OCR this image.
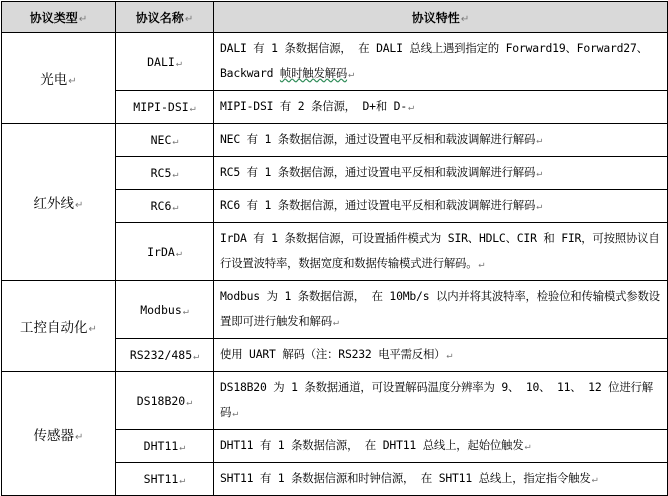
协议类型↵	协议名称↵	协议特性↵
光电↵	DALI↵	DALI 有 1 条数据信源， 在 DALI 总线上遇到指定的 Forward19、Forward27、Backward 帧时触发解码↵
	MIPI-DSI↵	MIPI-DSI 有 2 条信源， D+和 D-↵
红外线↵	NEC↵	NEC 有 1 条数据信源，通过设置电平反相和载波调解进行解码↵
	RC5↵	RC5 有 1 条数据信源，通过设置电平反相和载波调解进行解码↵
	RC6↵	RC6 有 1 条数据信源，通过设置电平反相和载波调解进行解码↵
	IrDA↵	IrDA 有 1 条数据信源，可设置插件模式为 SIR、HDLC、CIR 和 FIR，可按照协议自行设置波特率，数据宽度和数据传输模式进行解码。↵
工控自动化↵	Modbus↵	Modbus 为 1 条数据信源， 在 10Mb/s 以内并将其波特率，检验位和传输模式参数设置即可进行触发和解码↵
	RS232/485↵	使用 UART 解码（注：RS232 电平需反相）↵
传感器↵	DS18B20↵	DS18B20 为 1 条数据通道，可设置解码温度分辨率为 9、 10、 11、 12 位进行解码↵
	DHT11↵	DHT11 有 1 条数据信源， 在 DHT11 总线上，起始位触发↵
	SHT11↵	SHT11 有 1 条数据信源和时钟信源， 在 SHT11 总线上，指定指令触发↵
